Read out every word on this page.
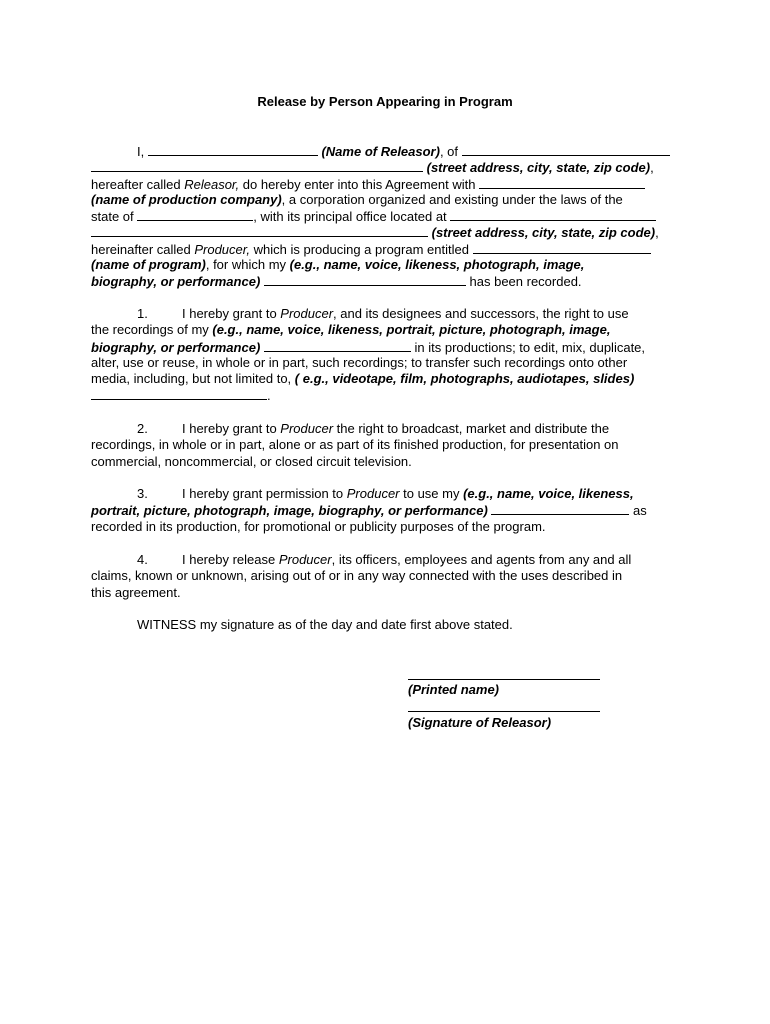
Release by Person Appearing in Program
I,	(Name of Releasor), of
(street address, city, state, zip code),
hereafter called Releasor, do hereby enter into this Agreement with
(name of production company), a corporation organized and existing under the laws of the
state of	, with its principal office located at
(street address, city, state, zip code),
hereinafter called Producer, which is producing a program entitled
(name of program), for which my (e.g., name, voice, likeness, photograph, image,
biography, or performance)	has been recorded.
1.	I hereby grant to Producer, and its designees and successors, the right to use
the recordings of my (e.g., name, voice, likeness, portrait, picture, photograph, image,
biography, or performance)	in its productions; to edit, mix, duplicate,
alter, use or reuse, in whole or in part, such recordings; to transfer such recordings onto other
media, including, but not limited to, ( e.g., videotape, film, photographs, audiotapes, slides)
.
2.	I hereby grant to Producer the right to broadcast, market and distribute the
recordings, in whole or in part, alone or as part of its finished production, for presentation on
commercial, noncommercial, or closed circuit television.
3.	I hereby grant permission to Producer to use my (e.g., name, voice, likeness,
portrait, picture, photograph, image, biography, or performance)	as
recorded in its production, for promotional or publicity purposes of the program.
4.	I hereby release Producer, its officers, employees and agents from any and all
claims, known or unknown, arising out of or in any way connected with the uses described in
this agreement.
WITNESS my signature as of the day and date first above stated.
(Printed name)
(Signature of Releasor)
